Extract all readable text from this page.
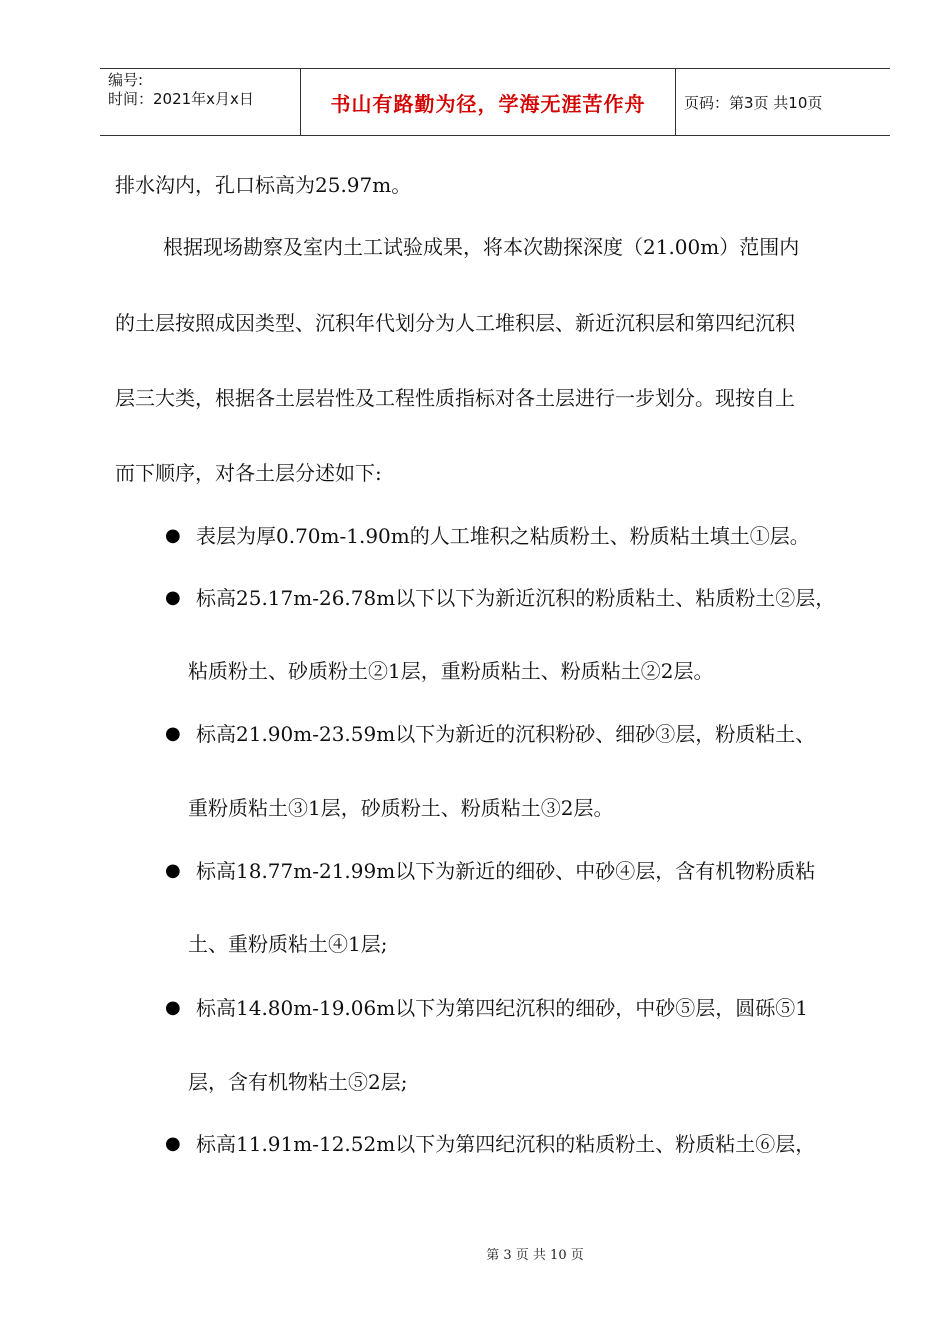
编号:
时间：2021年x月x日	书山有路勤为径，学海无涯苦作舟	页码：第3页 共10页
排水沟内，孔口标高为25.97m。
根据现场勘察及室内土工试验成果，将本次勘探深度（21.00m）范围内
的土层按照成因类型、沉积年代划分为人工堆积层、新近沉积层和第四纪沉积
层三大类，根据各土层岩性及工程性质指标对各土层进行一步划分。现按自上
而下顺序，对各土层分述如下:
● 表层为厚0.70m-1.90m的人工堆积之粘质粉土、粉质粘土填土①层。
● 标高25.17m-26.78m以下以下为新近沉积的粉质粘土、粘质粉土②层，
粘质粉土、砂质粉土②1层，重粉质粘土、粉质粘土②2层。
● 标高21.90m-23.59m以下为新近的沉积粉砂、细砂③层，粉质粘土、
重粉质粘土③1层，砂质粉土、粉质粘土③2层。
● 标高18.77m-21.99m以下为新近的细砂、中砂④层，含有机物粉质粘
土、重粉质粘土④1层;
● 标高14.80m-19.06m以下为第四纪沉积的细砂，中砂⑤层，圆砾⑤1
层，含有机物粘土⑤2层;
● 标高11.91m-12.52m以下为第四纪沉积的粘质粉土、粉质粘土⑥层，
第 3 页 共 10 页
